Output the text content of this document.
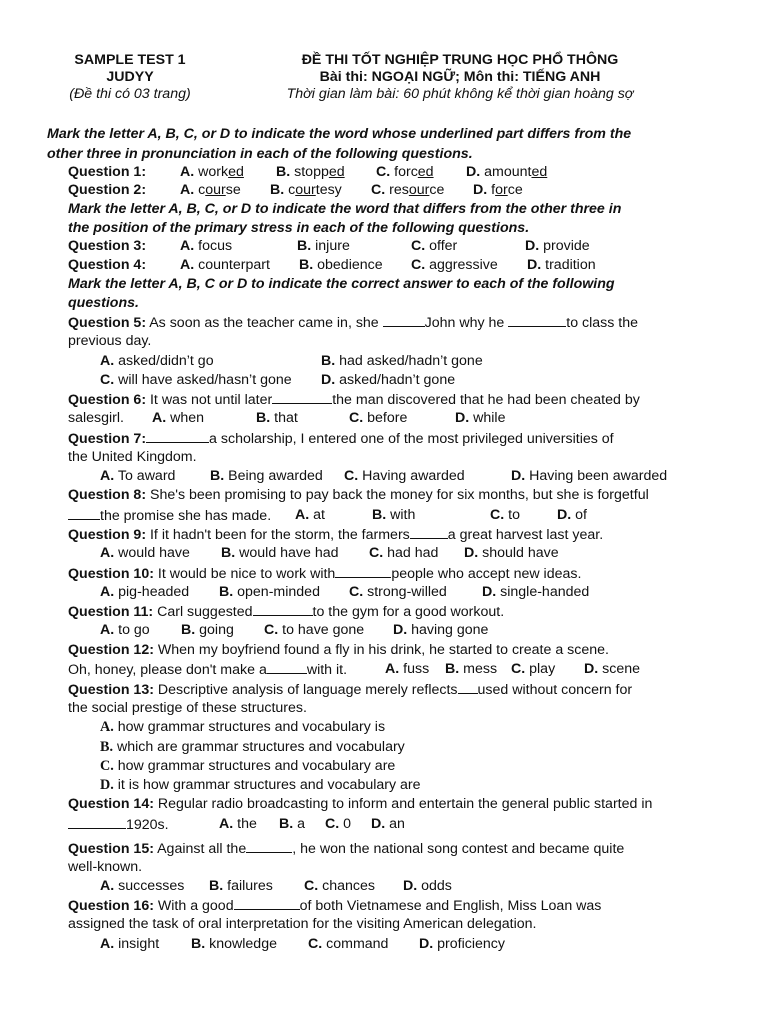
SAMPLE TEST 1
JUDYY
(Đề thi có 03 trang)
ĐỀ THI TỐT NGHIỆP TRUNG HỌC PHỔ THÔNG
Bài thi: NGOẠI NGỮ; Môn thi: TIẾNG ANH
Thời gian làm bài: 60 phút không kể thời gian hoàng sợ
Mark the letter A, B, C, or D to indicate the word whose underlined part differs from the
other three in pronunciation in each of the following questions.
Question 1: A. worked B. stopped C. forced D. amounted
Question 2: A. course B. courtesy C. resource D. force
Mark the letter A, B, C, or D to indicate the word that differs from the other three in
the position of the primary stress in each of the following questions.
Question 3: A. focus	B. injure	C. offer	D. provide
Question 4: A. counterpart B. obedience C. aggressive D. tradition
Mark the letter A, B, C or D to indicate the correct answer to each of the following
questions.
Question 5: As soon as the teacher came in, she	John why he	to class the
previous day.
A. asked/didn’t go	B. had asked/hadn’t gone
C. will have asked/hasn’t gone D. asked/hadn’t gone
Question 6: It was not until later	the man discovered that he had been cheated by
salesgirl. A. when	B. that	C. before	D. while
Question 7:	a scholarship, I entered one of the most privileged universities of
the United Kingdom.
A. To award B. Being awarded C. Having awarded	D. Having been awarded
Question 8: She's been promising to pay back the money for six months, but she is forgetful
the promise she has made. A. at	B. with	C. to	D. of
Question 9: If it hadn't been for the storm, the farmers	a great harvest last year.
A. would have B. would have had C. had had D. should have
Question 10: It would be nice to work with	people who accept new ideas.
A. pig-headed B. open-minded C. strong-willed D. single-handed
Question 11: Carl suggested	to the gym for a good workout.
A. to go B. going C. to have gone D. having gone
Question 12: When my boyfriend found a fly in his drink, he started to create a scene.
Oh, honey, please don't make a	with it.	A. fuss B. mess C. play D. scene
Question 13: Descriptive analysis of language merely reflects used without concern for
the social prestige of these structures.
A. how grammar structures and vocabulary is
B. which are grammar structures and vocabulary
C. how grammar structures and vocabulary are
D. it is how grammar structures and vocabulary are
Question 14: Regular radio broadcasting to inform and entertain the general public started in
1920s.	A. the B. a C. 0 D. an
Question 15: Against all the	, he won the national song contest and became quite
well-known.
A. successes B. failures C. chances D. odds
Question 16: With a good	of both Vietnamese and English, Miss Loan was
assigned the task of oral interpretation for the visiting American delegation.
A. insight B. knowledge C. command D. proficiency
